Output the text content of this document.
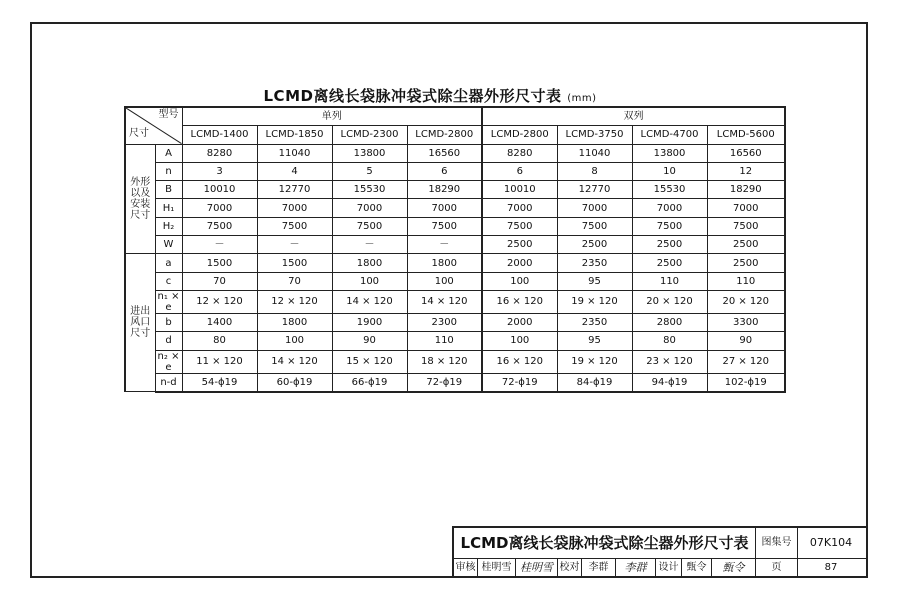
LCMD离线长袋脉冲袋式除尘器外形尺寸表 (mm)
型号
尺寸		单列				双列			
		LCMD-1400	LCMD-1850	LCMD-2300	LCMD-2800	LCMD-2800	LCMD-3750	LCMD-4700	LCMD-5600
外形
以及
安装
尺寸	A	8280	11040	13800	16560	8280	11040	13800	16560
	n	3	4	5	6	6	8	10	12
	B	10010	12770	15530	18290	10010	12770	15530	18290
	H₁	7000	7000	7000	7000	7000	7000	7000	7000
	H₂	7500	7500	7500	7500	7500	7500	7500	7500
	W	－	－	－	－	2500	2500	2500	2500
进出
风口
尺寸	a	1500	1500	1800	1800	2000	2350	2500	2500
	c	70	70	100	100	100	95	110	110
	n₁ × e	12 × 120	12 × 120	14 × 120	14 × 120	16 × 120	19 × 120	20 × 120	20 × 120
	b	1400	1800	1900	2300	2000	2350	2800	3300
	d	80	100	90	110	100	95	80	90
	n₂ × e	11 × 120	14 × 120	15 × 120	18 × 120	16 × 120	19 × 120	23 × 120	27 × 120
	n-d	54-ϕ19	60-ϕ19	66-ϕ19	72-ϕ19	72-ϕ19	84-ϕ19	94-ϕ19	102-ϕ19
LCMD离线长袋脉冲袋式除尘器外形尺寸表	图集号	07K104
审核 桂明雪 桂明雪 校对 李群	李群	设计 甄令	甄令	页	87
